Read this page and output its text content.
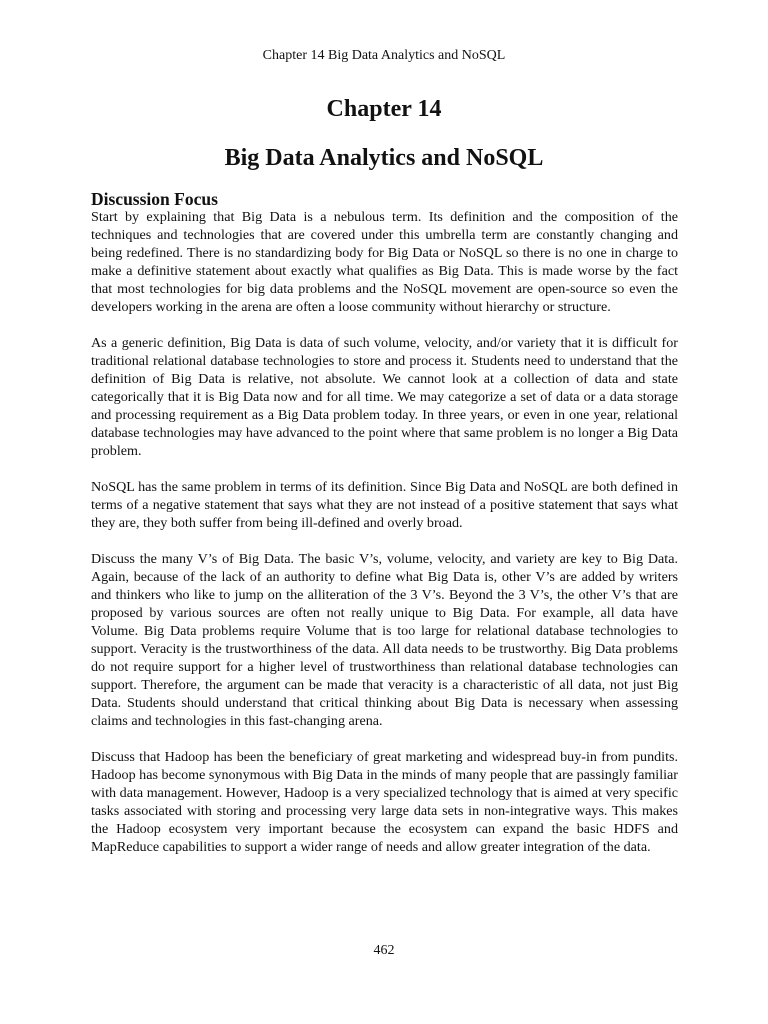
Chapter 14 Big Data Analytics and NoSQL
Chapter 14
Big Data Analytics and NoSQL
Discussion Focus

Start by explaining that Big Data is a nebulous term. Its definition and the composition of the techniques and technologies that are covered under this umbrella term are constantly changing and being redefined. There is no standardizing body for Big Data or NoSQL so there is no one in charge to make a definitive statement about exactly what qualifies as Big Data. This is made worse by the fact that most technologies for big data problems and the NoSQL movement are open-source so even the developers working in the arena are often a loose community without hierarchy or structure.

As a generic definition, Big Data is data of such volume, velocity, and/or variety that it is difficult for traditional relational database technologies to store and process it. Students need to understand that the definition of Big Data is relative, not absolute. We cannot look at a collection of data and state categorically that it is Big Data now and for all time. We may categorize a set of data or a data storage and processing requirement as a Big Data problem today. In three years, or even in one year, relational database technologies may have advanced to the point where that same problem is no longer a Big Data problem.

NoSQL has the same problem in terms of its definition. Since Big Data and NoSQL are both defined in terms of a negative statement that says what they are not instead of a positive statement that says what they are, they both suffer from being ill-defined and overly broad.

Discuss the many V’s of Big Data. The basic V’s, volume, velocity, and variety are key to Big Data. Again, because of the lack of an authority to define what Big Data is, other V’s are added by writers and thinkers who like to jump on the alliteration of the 3 V’s. Beyond the 3 V’s, the other V’s that are proposed by various sources are often not really unique to Big Data. For example, all data have Volume. Big Data problems require Volume that is too large for relational database technologies to support. Veracity is the trustworthiness of the data. All data needs to be trustworthy. Big Data problems do not require support for a higher level of trustworthiness than relational database technologies can support. Therefore, the argument can be made that veracity is a characteristic of all data, not just Big Data. Students should understand that critical thinking about Big Data is necessary when assessing claims and technologies in this fast-changing arena.

Discuss that Hadoop has been the beneficiary of great marketing and widespread buy-in from pundits. Hadoop has become synonymous with Big Data in the minds of many people that are passingly familiar with data management. However, Hadoop is a very specialized technology that is aimed at very specific tasks associated with storing and processing very large data sets in non-integrative ways. This makes the Hadoop ecosystem very important because the ecosystem can expand the basic HDFS and MapReduce capabilities to support a wider range of needs and allow greater integration of the data.

462
